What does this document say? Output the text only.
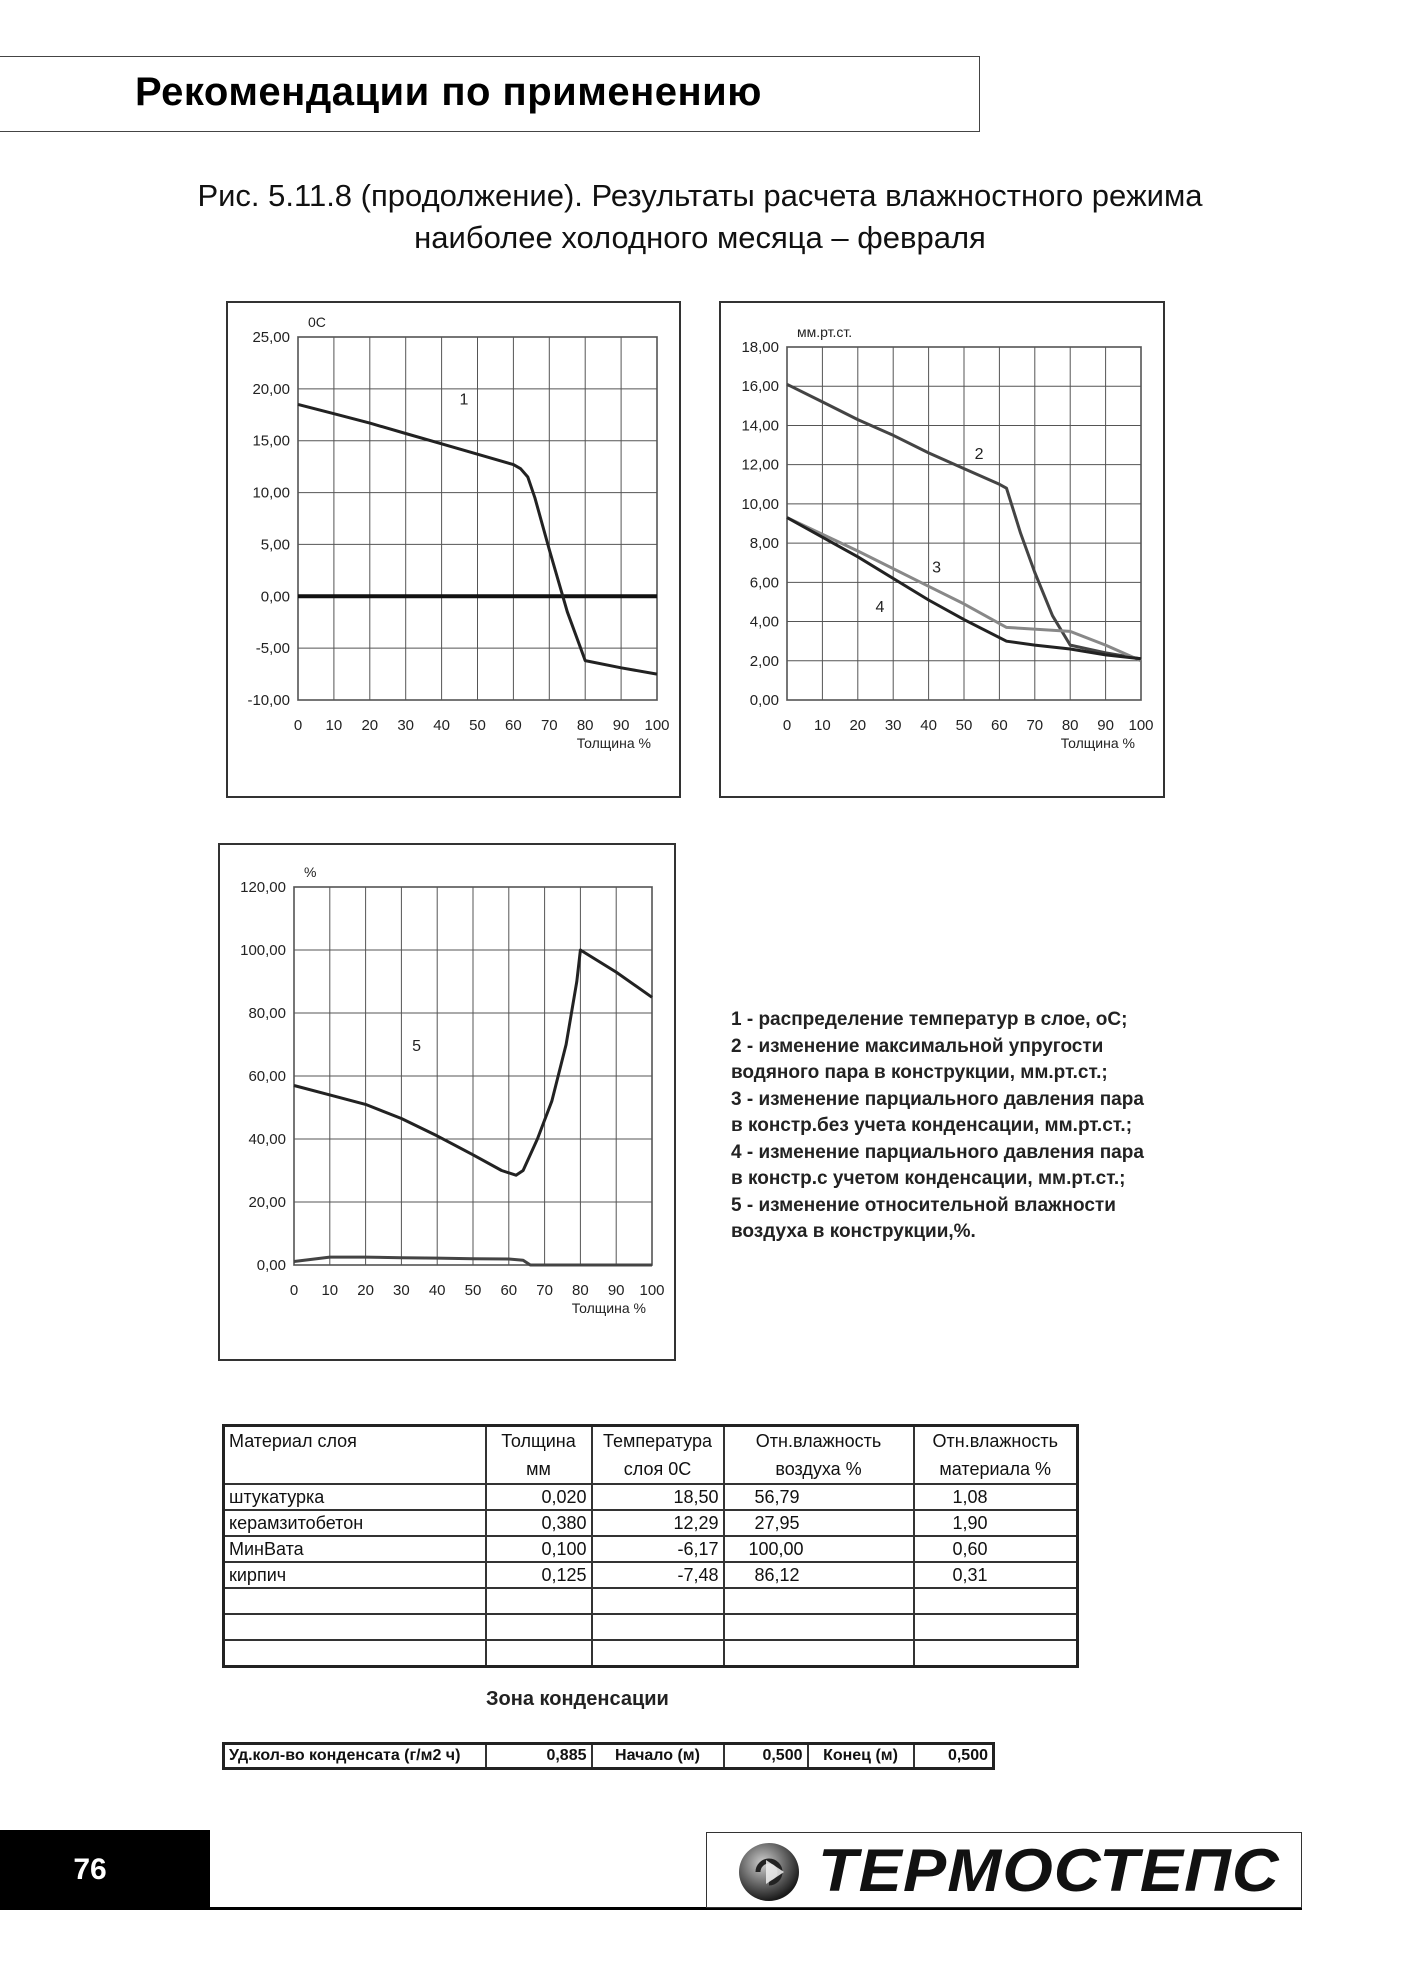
Рекомендации по применению
Рис. 5.11.8 (продолжение). Результаты расчета влажностного режима
наиболее холодного месяца – февраля
0 10 20 30 40 50 60 70 80 90 100
25,00
20,00
15,00
10,00
5,00
0,00
-5,00
-10,00
0С
Толщина %
1
0 10 20 30 40 50 60 70 80 90 100
18,00
16,00
14,00
12,00
10,00
8,00
6,00
4,00
2,00
0,00
мм.рт.ст.
Толщина %
2
3
4
0 10 20 30 40 50 60 70 80 90 100
120,00
100,00
80,00
60,00
40,00
20,00
0,00
%
Толщина %
5
1 - распределение температур в слое, оС;
2 - изменение максимальной упругости
водяного пара в конструкции, мм.рт.ст.;
3 - изменение парциального давления пара
в констр.без учета конденсации, мм.рт.ст.;
4 - изменение парциального давления пара
в констр.с учетом конденсации, мм.рт.ст.;
5 - изменение относительной влажности
воздуха в конструкции,%.
Материал слоя	Толщина мм	Температура слоя 0С	Отн.влажность воздуха %	Отн.влажность материала %
штукатурка	0,020	18,50	56,79	1,08
керамзитобетон	0,380	12,29	27,95	1,90
МинВата	0,100	-6,17	100,00	0,60
кирпич	0,125	-7,48	86,12	0,31

Зона конденсации
Уд.кол-во конденсата (г/м2 ч)	0,885	Начало (м)	0,500	Конец (м)	0,500
76	ТЕРМОСТЕПС
